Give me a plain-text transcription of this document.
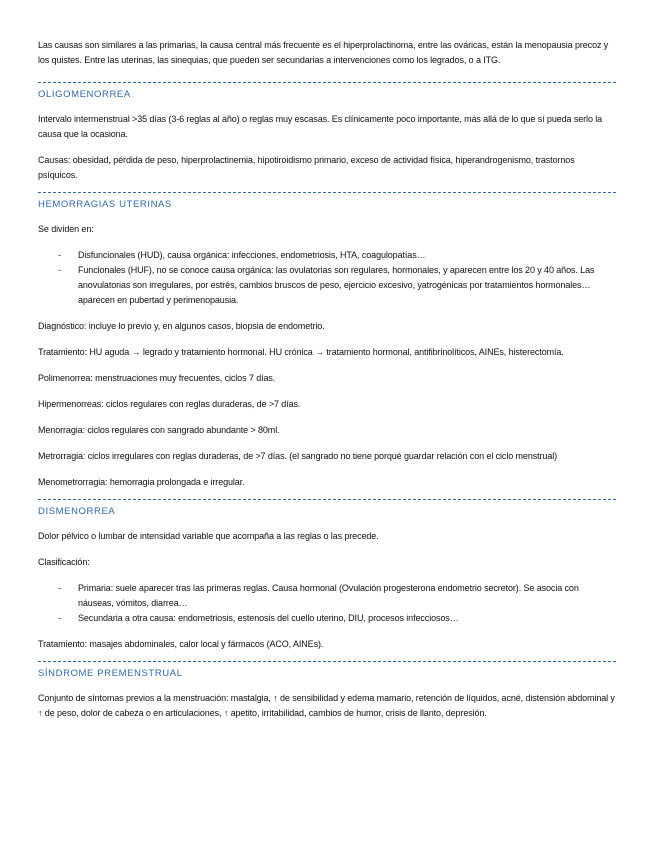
Las causas son similares a las primarias, la causa central más frecuente es el hiperprolactinoma, entre las ováricas, están la menopausia precoz y los quistes. Entre las uterinas, las sinequias, que pueden ser secundarias a intervenciones como los legrados, o a ITG.

OLIGOMENORREA

Intervalo intermenstrual >35 días (3-6 reglas al año) o reglas muy escasas. Es clínicamente poco importante, más allá de lo que sí pueda serlo la causa que la ocasiona.

Causas: obesidad, pérdida de peso, hiperprolactinemia, hipotiroidismo primario, exceso de actividad física, hiperandrogenismo, trastornos psíquicos.

HEMORRAGIAS UTERINAS

Se dividen en:

- Disfuncionales (HUD), causa orgánica: infecciones, endometriosis, HTA, coagulopatías…
- Funcionales (HUF), no se conoce causa orgánica: las ovulatorias son regulares, hormonales, y aparecen entre los 20 y 40 años. Las anovulatorias son irregulares, por estrés, cambios bruscos de peso, ejercicio excesivo, yatrogénicas por tratamientos hormonales… aparecen en pubertad y perimenopausia.

Diagnóstico: incluye lo previo y, en algunos casos, biopsia de endometrio.

Tratamiento: HU aguda → legrado y tratamiento hormonal. HU crónica → tratamiento hormonal, antifibrinolíticos, AINEs, histerectomía.

Polimenorrea: menstruaciones muy frecuentes, ciclos 7 días.

Hipermenorreas: ciclos regulares con reglas duraderas, de >7 días.

Menorragia: ciclos regulares con sangrado abundante > 80ml.

Metrorragia: ciclos irregulares con reglas duraderas, de >7 días. (el sangrado no tiene porqué guardar relación con el ciclo menstrual)

Menometrorragia: hemorragia prolongada e irregular.

DISMENORREA

Dolor pélvico o lumbar de intensidad variable que acompaña a las reglas o las precede.

Clasificación:

- Primaria: suele aparecer tras las primeras reglas. Causa hormonal (Ovulación progesterona endometrio secretor). Se asocia con náuseas, vómitos, diarrea…
- Secundaria a otra causa: endometriosis, estenosis del cuello uterino, DIU, procesos infecciosos…

Tratamiento: masajes abdominales, calor local y fármacos (ACO, AINEs).

SÍNDROME PREMENSTRUAL

Conjunto de síntomas previos a la menstruación: mastalgia, ↑ de sensibilidad y edema mamario, retención de líquidos, acné, distensión abdominal y ↑ de peso, dolor de cabeza o en articulaciones, ↑ apetito, irritabilidad, cambios de humor, crisis de llanto, depresión.
